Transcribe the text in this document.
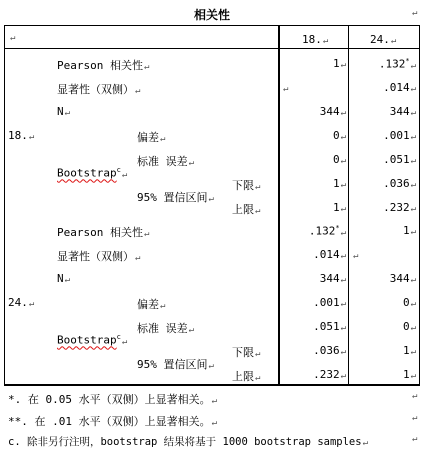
相关性	↵
↵	18.↵	24.↵
18.↵
Pearson 相关性↵	1↵	.132*↵
显著性（双侧）↵	↵	.014↵
N↵	344↵	344↵
Bootstrap$^c$↵
偏差↵	0↵	.001↵
标准 误差↵	0↵	.051↵
95% 置信区间↵
下限↵	1↵	.036↵
上限↵	1↵	.232↵
24.↵
Pearson 相关性↵	.132*↵	1↵
显著性（双侧）↵	.014↵ ↵
N↵	344↵	344↵
Bootstrap$^c$↵
偏差↵	.001↵	0↵
标准 误差↵	.051↵	0↵
95% 置信区间↵
下限↵	.036↵	1↵
上限↵	.232↵	1↵
*. 在 0.05 水平（双侧）上显著相关。↵	↵
**. 在 .01 水平（双侧）上显著相关。↵	↵
c. 除非另行注明，bootstrap 结果将基于 1000 bootstrap samples↵	↵
